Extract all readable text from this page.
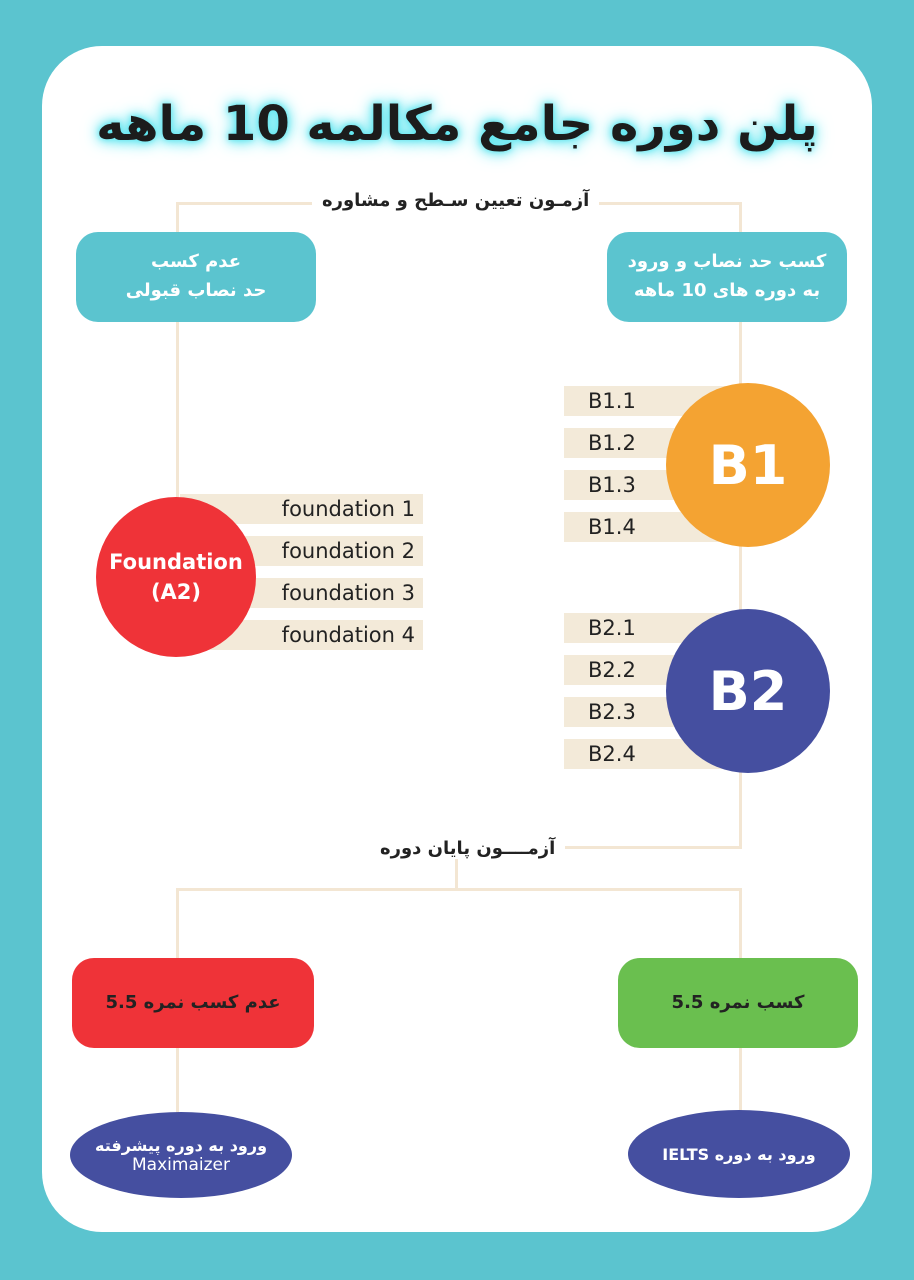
پلن دوره جامع مکالمه 10 ماهه
آزمـون تعیین سـطح و مشاوره
عدم کسب
حد نصاب قبولی
کسب حد نصاب و ورود
به دوره های 10 ماهه
foundation 1
foundation 2
foundation 3
foundation 4
Foundation
(A2)
B1.1
B1.2
B1.3
B1.4
B1
B2.1
B2.2
B2.3
B2.4
B2
آزمــــون پایان دوره
عدم کسب نمره 5.5	کسب نمره 5.5
ورود به دوره پیشرفته
Maximaizer
ورود به دوره IELTS
